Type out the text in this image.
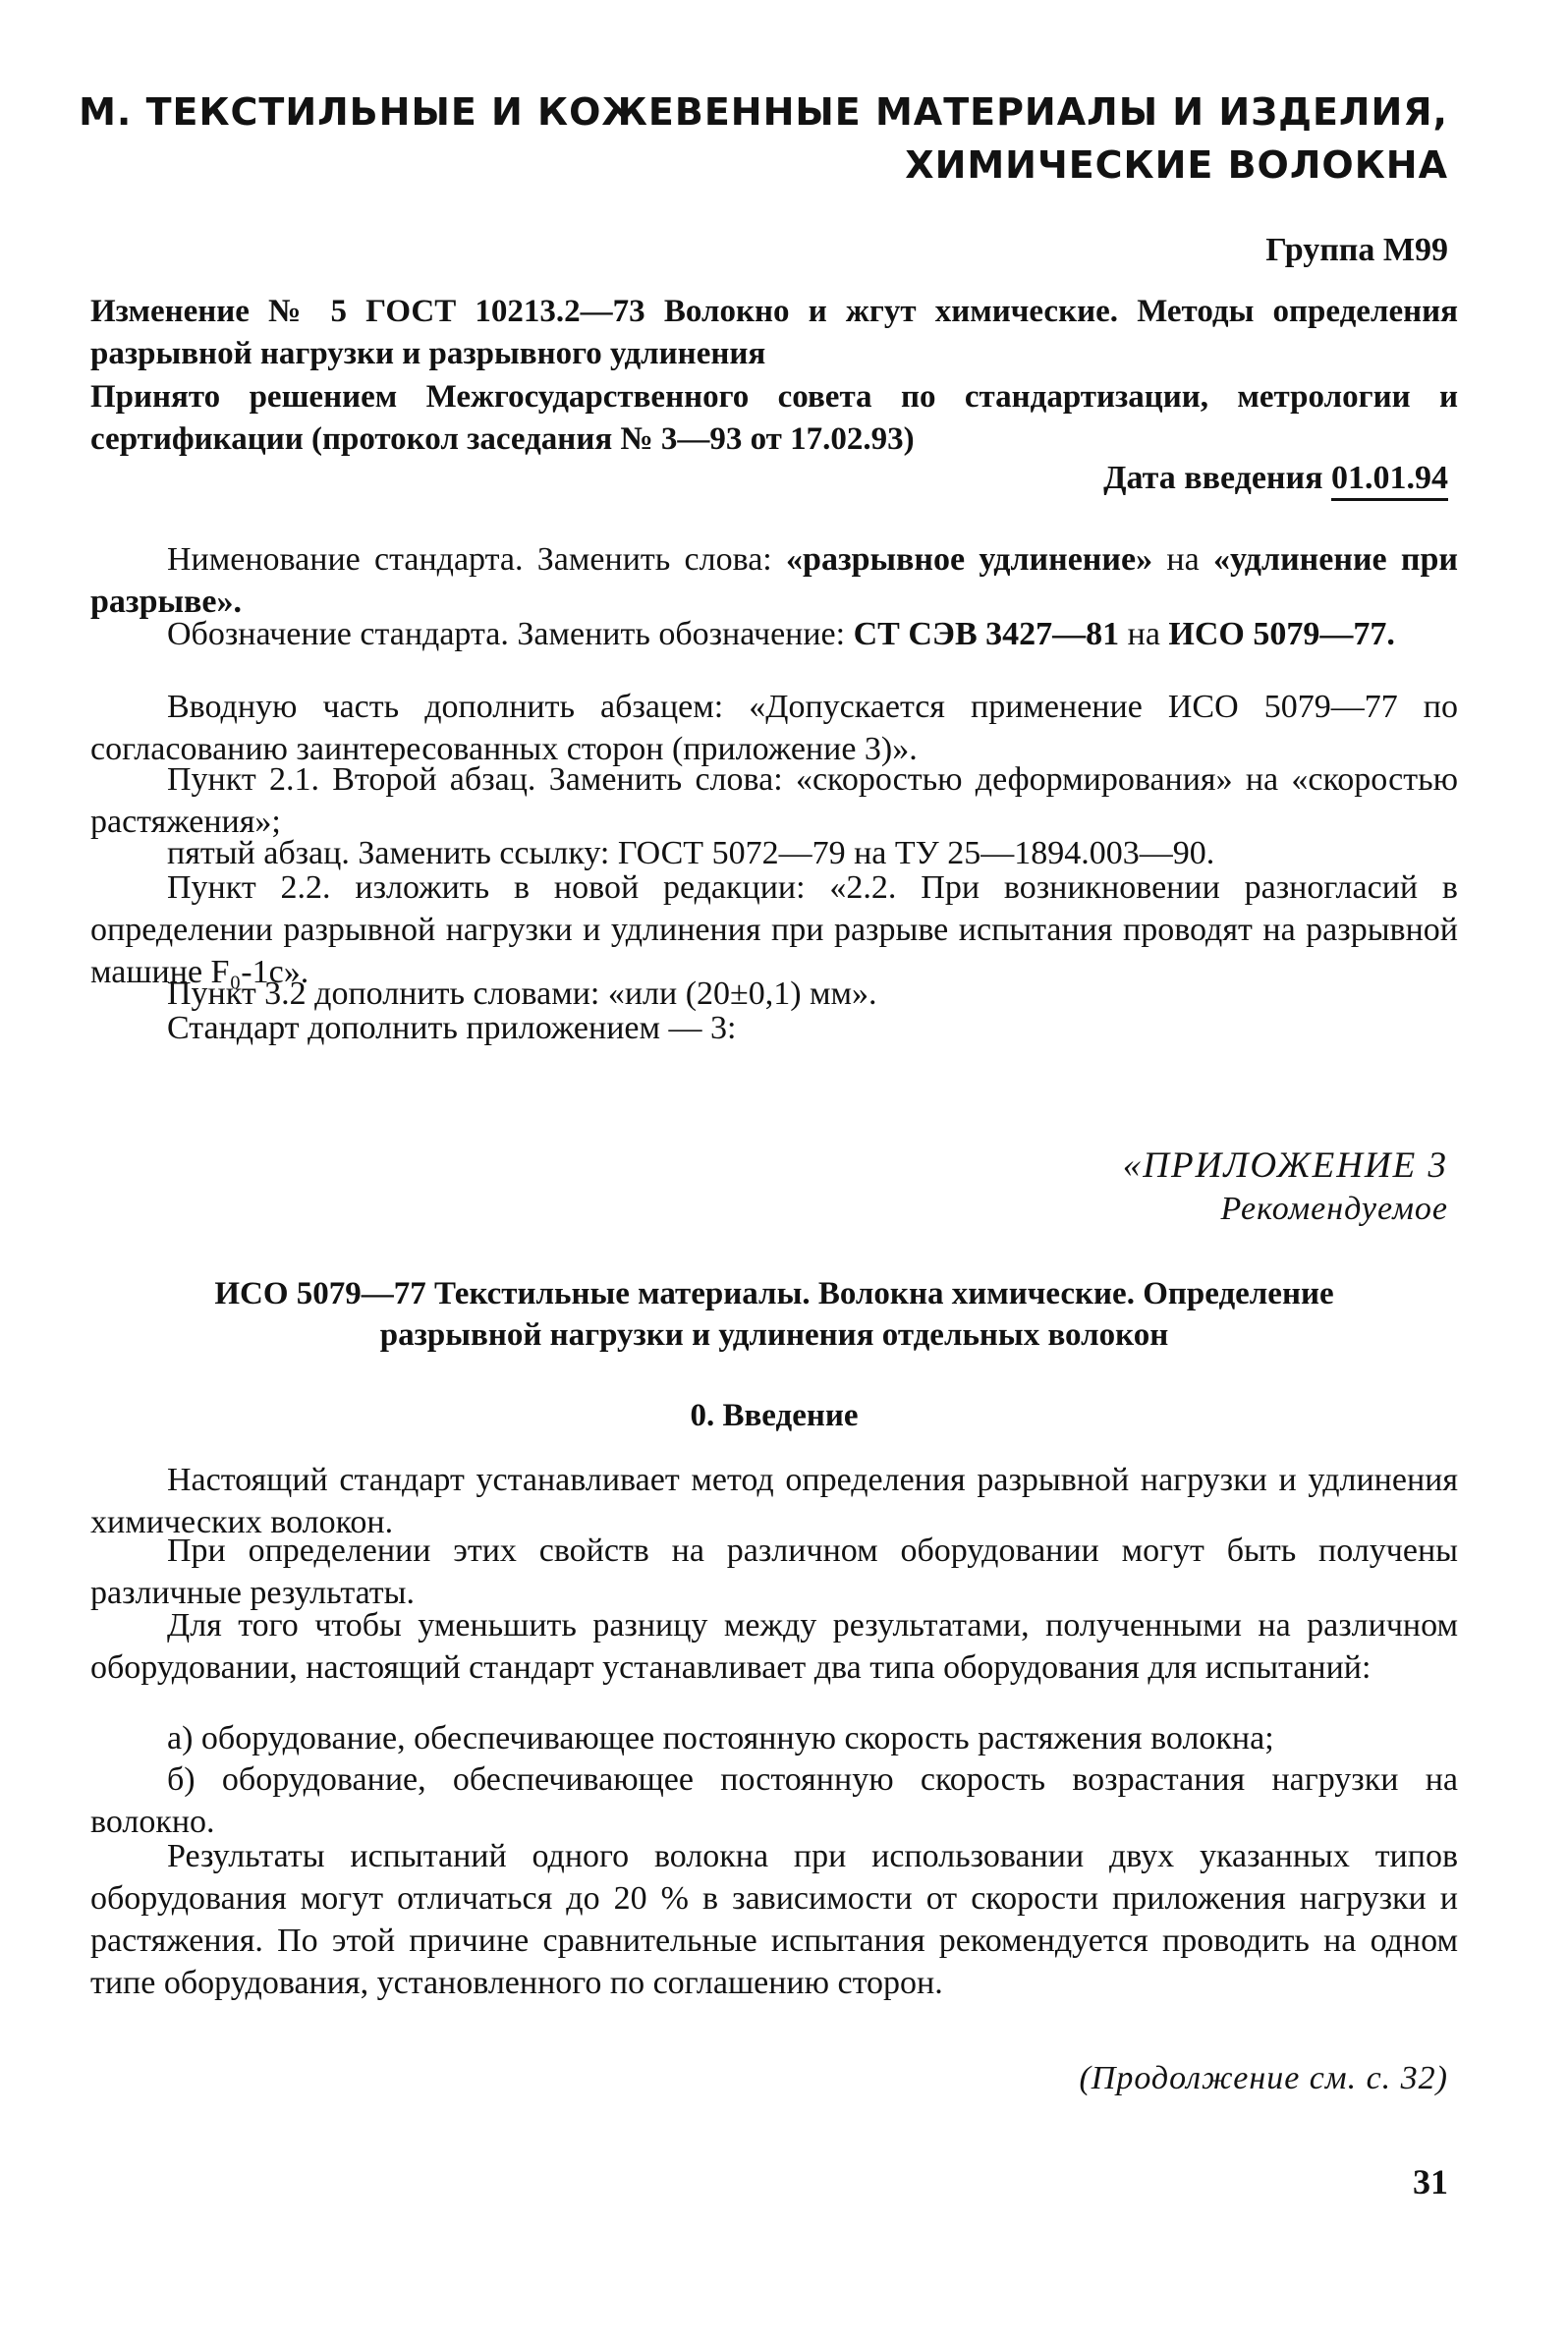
М. ТЕКСТИЛЬНЫЕ И КОЖЕВЕННЫЕ МАТЕРИАЛЫ И ИЗДЕЛИЯ,
ХИМИЧЕСКИЕ ВОЛОКНА
Группа М99
Изменение № 5 ГОСТ 10213.2—73 Волокно и жгут химические. Методы определения разрывной нагрузки и разрывного удлинения
Принято решением Межгосударственного совета по стандартизации, метрологии и сертификации (протокол заседания № 3—93 от 17.02.93)
Дата введения 01.01.94
Нименование стандарта. Заменить слова: «разрывное удлинение» на «удлинение при разрыве».
Обозначение стандарта. Заменить обозначение: СТ СЭВ 3427—81 на ИСО 5079—77.
Вводную часть дополнить абзацем: «Допускается применение ИСО 5079—77 по согласованию заинтересованных сторон (приложение 3)».
Пункт 2.1. Второй абзац. Заменить слова: «скоростью деформирования» на «скоростью растяжения»;
пятый абзац. Заменить ссылку: ГОСТ 5072—79 на ТУ 25—1894.003—90.
Пункт 2.2. изложить в новой редакции: «2.2. При возникновении разногласий в определении разрывной нагрузки и удлинения при разрыве испытания проводят на разрывной машине F₀-1с».
Пункт 3.2 дополнить словами: «или (20±0,1) мм».
Стандарт дополнить приложением — 3:
«ПРИЛОЖЕНИЕ 3
Рекомендуемое
ИСО 5079—77 Текстильные материалы. Волокна химические. Определение
разрывной нагрузки и удлинения отдельных волокон
0. Введение
Настоящий стандарт устанавливает метод определения разрывной нагрузки и удлинения химических волокон.
При определении этих свойств на различном оборудовании могут быть получены различные результаты.
Для того чтобы уменьшить разницу между результатами, полученными на различном оборудовании, настоящий стандарт устанавливает два типа оборудования для испытаний:
а) оборудование, обеспечивающее постоянную скорость растяжения волокна;
б) оборудование, обеспечивающее постоянную скорость возрастания нагрузки на волокно.
Результаты испытаний одного волокна при использовании двух указанных типов оборудования могут отличаться до 20 % в зависимости от скорости приложения нагрузки и растяжения. По этой причине сравнительные испытания рекомендуется проводить на одном типе оборудования, установленного по соглашению сторон.
(Продолжение см. с. 32)
31
